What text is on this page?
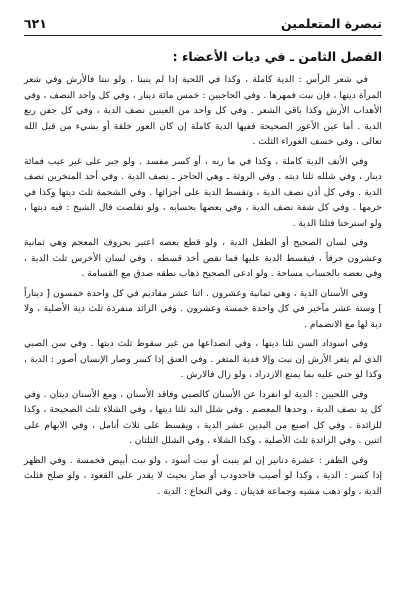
تبصرة المتعلمين
٦٢١
الفصل الثامن ـ في ديات الأعضاء :

في شعر الرأس : الدية كاملة ، وكذا في اللحية إذا لم ينبتا ، ولو نبتا فالأرش وفي شعر المرأة ديتها ، فإن نبت فمهرها . وفي الحاجبين : خمس مائة دينار ، وفي كل واحد النصف ، وفي الأهداب الأرش وكذا باقي الشعر . وفي كل واحد من العينين نصف الدية ، وفي كل جفن ربع الدية . أما عين الأعور الصحيحة ففيها الدية كاملة إن كان العور خلقة أو بشيء من قبل الله تعالى ، وفي خسف العوراء الثلث .

وفي الأنف الدية كاملة ، وكذا في ما رنه ، أو كسر مفسد . ولو جبر على غير عيب فمائة دينار ، وفي شلله ثلثا ديته . وفي الروثة ـ وهي الحاجز ـ نصف الدية . وفي أحد المنخرين نصف الدية . وفي كل أذن نصف الدية ، وتقسط الدية على أجزائها . وفي الشحمة ثلث ديتها وكذا في خرمها . وفي كل شفة نصف الدية ، وفي بعضها بحسابه ، ولو تقلصت قال الشيخ : فيه ديتها ، ولو استرختا فثلثا الدية .

وفي لسان الصحيح أو الطفل الدية ، ولو قطع بعضه اعتبر بحروف المعجم وهي ثمانية وعشرون حرفاً ، فيقسط الدية عليها فما نقص أخذ قسطه . وفي لسان الأخرس ثلث الدية ، وفي بعضه بالحساب مساحة . ولو ادعى الصحيح ذهاب نطقه صدق مع القسامة .

وفي الأسنان الدية ، وهي ثمانية وعشرون . اثنا عشر مقاديم في كل واحدة خمسون [ ديناراً ] وستة عشر مآخير في كل واحدة خمسة وعشرون . وفي الزائد منفردة ثلث دية الأصلية ، ولا دية لها مع الانضمام .

وفي اسوداد السن ثلثا ديتها ، وفي انصداعها من غير سقوط ثلث ديتها . وفي سن الصبي الذي لم يثغر الأرش إن نبت وإلا فدية المثغر . وفي العنق إذا كسر وصار الإنسان أصور : الدية ، وكذا لو جني عليه بما يمنع الازدراد ، ولو زال فالارش .

وفي اللحيين : الدية لو انفردا عن الأسنان كالصبي وفاقد الأسنان ، ومع الأسنان ديتان . وفي كل يد نصف الدية ، وحدها المعصم . وفي شلل اليد ثلثا ديتها ، وفي الشلاء ثلث الصحيحة ، وكذا للزائدة . وفي كل اصبع من اليدين عشر الدية ، ويقسط على ثلاث أنامل ، وفي الابهام على اثنين . وفي الزائدة ثلث الأصلية ، وكذا الشلاء ، وفي الشلل الثلثان .

وفي الظفر : عشرة دنانير إن لم ينبت أو نبت أسود ، ولو نبت أبيض فخمسة . وفي الظهر إذا كسر : الدية ، وكذا لو أصيب فاحدودب أو صار بحيث لا يقدر على القعود ، ولو صلح فثلث الدية ، ولو ذهب مشيه وجماعه فديتان . وفي النخاع : الدية .
